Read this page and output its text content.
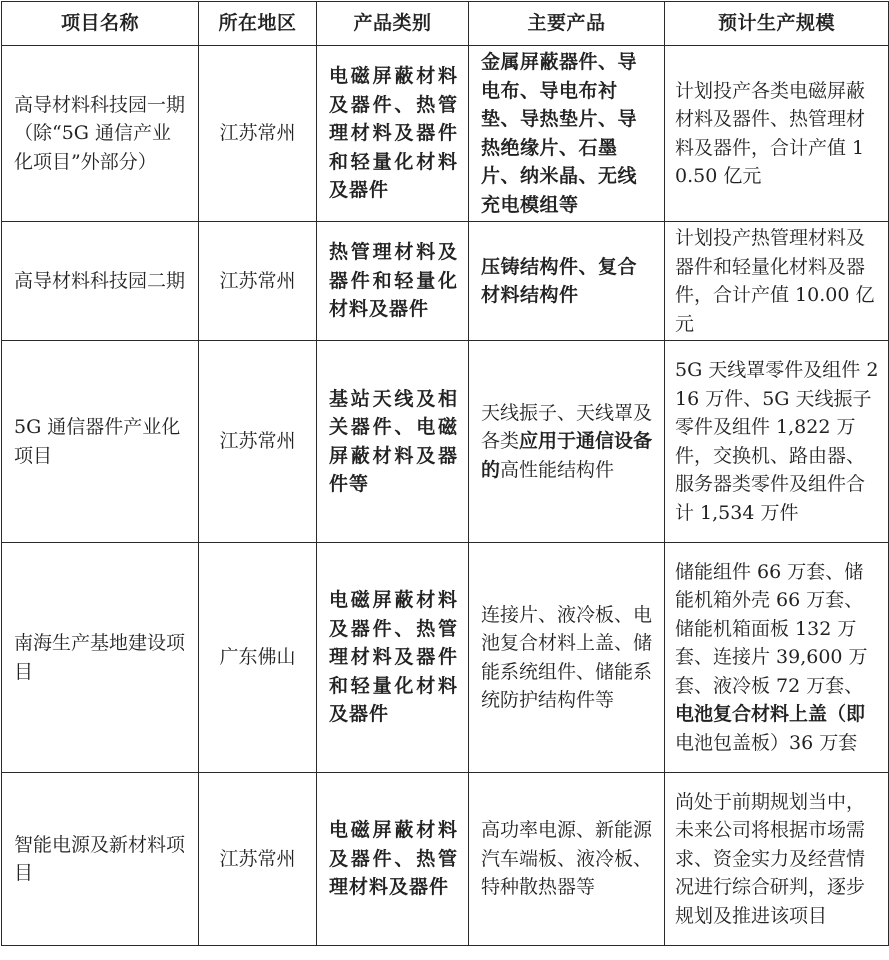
项目名称	所在地区	产品类别	主要产品	预计生产规模
高导材料科技园一期（除“5G 通信产业化项目”外部分）	江苏常州	电磁屏蔽材料及器件、热管理材料及器件和轻量化材料及器件	金属屏蔽器件、导电布、导电布衬垫、导热垫片、导热绝缘片、石墨片、纳米晶、无线充电模组等	计划投产各类电磁屏蔽材料及器件、热管理材料及器件，合计产值 10.50 亿元
高导材料科技园二期	江苏常州	热管理材料及器件和轻量化材料及器件	压铸结构件、复合材料结构件	计划投产热管理材料及器件和轻量化材料及器件，合计产值 10.00 亿元
5G 通信器件产业化项目	江苏常州	基站天线及相关器件、电磁屏蔽材料及器件等	天线振子、天线罩及各类应用于通信设备的高性能结构件	5G 天线罩零件及组件 216 万件、5G 天线振子零件及组件 1,822 万件，交换机、路由器、服务器类零件及组件合计 1,534 万件
南海生产基地建设项目	广东佛山	电磁屏蔽材料及器件、热管理材料及器件和轻量化材料及器件	连接片、液冷板、电池复合材料上盖、储能系统组件、储能系统防护结构件等	储能组件 66 万套、储能机箱外壳 66 万套、储能机箱面板 132 万套、连接片 39,600 万套、液冷板 72 万套、电池复合材料上盖（即电池包盖板）36 万套
智能电源及新材料项目	江苏常州	电磁屏蔽材料及器件、热管理材料及器件	高功率电源、新能源汽车端板、液冷板、特种散热器等	尚处于前期规划当中，未来公司将根据市场需求、资金实力及经营情况进行综合研判，逐步规划及推进该项目
